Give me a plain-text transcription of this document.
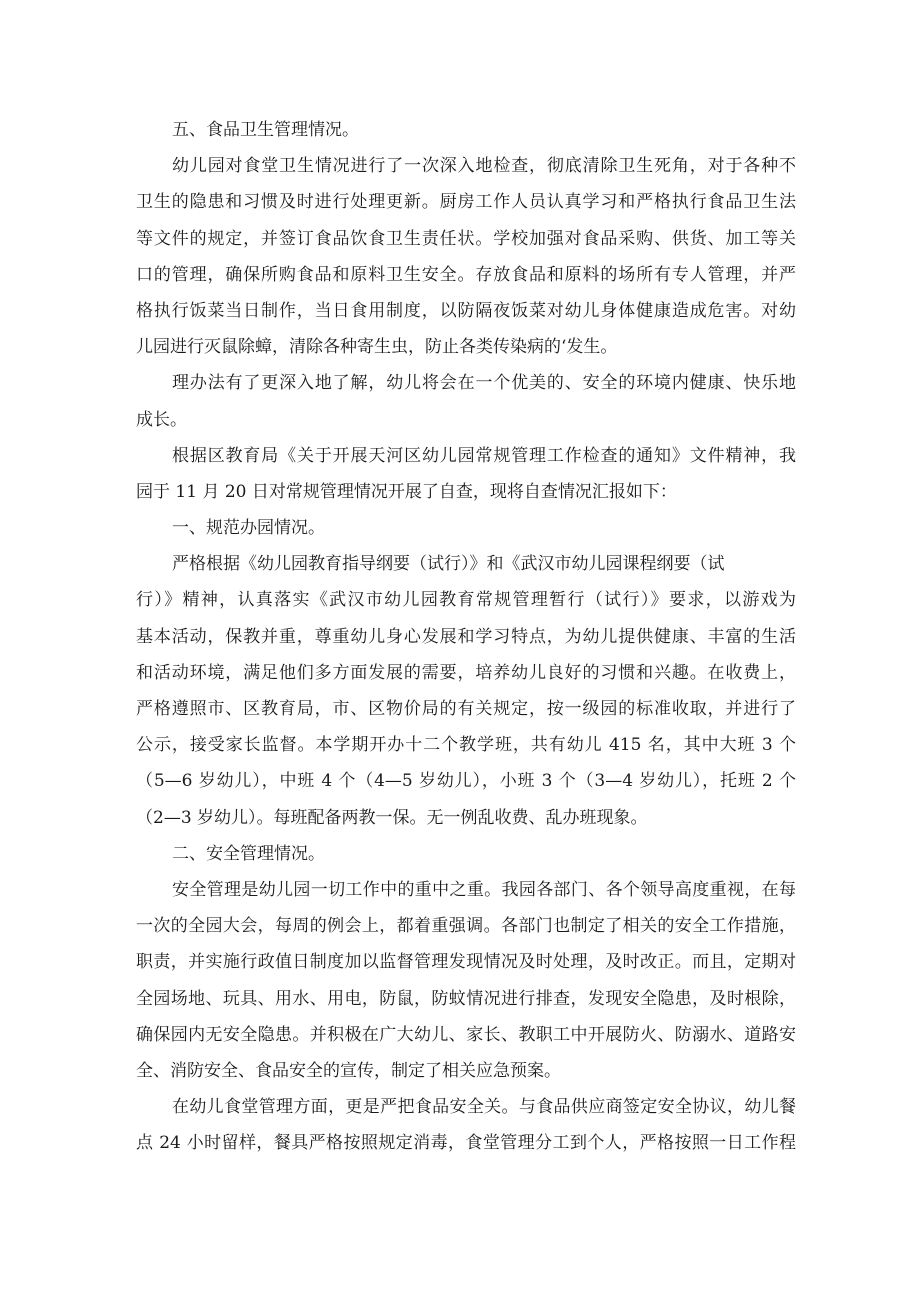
五、食品卫生管理情况。
幼儿园对食堂卫生情况进行了一次深入地检查，彻底清除卫生死角，对于各种不
卫生的隐患和习惯及时进行处理更新。厨房工作人员认真学习和严格执行食品卫生法
等文件的规定，并签订食品饮食卫生责任状。学校加强对食品采购、供货、加工等关
口的管理，确保所购食品和原料卫生安全。存放食品和原料的场所有专人管理，并严
格执行饭菜当日制作，当日食用制度，以防隔夜饭菜对幼儿身体健康造成危害。对幼
儿园进行灭鼠除蟑，清除各种寄生虫，防止各类传染病的‘发生。
理办法有了更深入地了解，幼儿将会在一个优美的、安全的环境内健康、快乐地
成长。
根据区教育局《关于开展天河区幼儿园常规管理工作检查的通知》文件精神，我
园于 11 月 20 日对常规管理情况开展了自查，现将自查情况汇报如下：
一、规范办园情况。
严格根据《幼儿园教育指导纲要（试行）》和《武汉市幼儿园课程纲要（试
行）》精神，认真落实《武汉市幼儿园教育常规管理暂行（试行）》要求，以游戏为
基本活动，保教并重，尊重幼儿身心发展和学习特点，为幼儿提供健康、丰富的生活
和活动环境，满足他们多方面发展的需要，培养幼儿良好的习惯和兴趣。在收费上，
严格遵照市、区教育局，市、区物价局的有关规定，按一级园的标准收取，并进行了
公示，接受家长监督。本学期开办十二个教学班，共有幼儿 415 名，其中大班 3 个
（5—6 岁幼儿），中班 4 个（4—5 岁幼儿），小班 3 个（3—4 岁幼儿），托班 2 个
（2—3 岁幼儿）。每班配备两教一保。无一例乱收费、乱办班现象。
二、安全管理情况。
安全管理是幼儿园一切工作中的重中之重。我园各部门、各个领导高度重视，在每
一次的全园大会，每周的例会上，都着重强调。各部门也制定了相关的安全工作措施，
职责，并实施行政值日制度加以监督管理发现情况及时处理，及时改正。而且，定期对
全园场地、玩具、用水、用电，防鼠，防蚊情况进行排查，发现安全隐患，及时根除，
确保园内无安全隐患。并积极在广大幼儿、家长、教职工中开展防火、防溺水、道路安
全、消防安全、食品安全的宣传，制定了相关应急预案。
在幼儿食堂管理方面，更是严把食品安全关。与食品供应商签定安全协议，幼儿餐
点 24 小时留样，餐具严格按照规定消毒，食堂管理分工到个人，严格按照一日工作程
